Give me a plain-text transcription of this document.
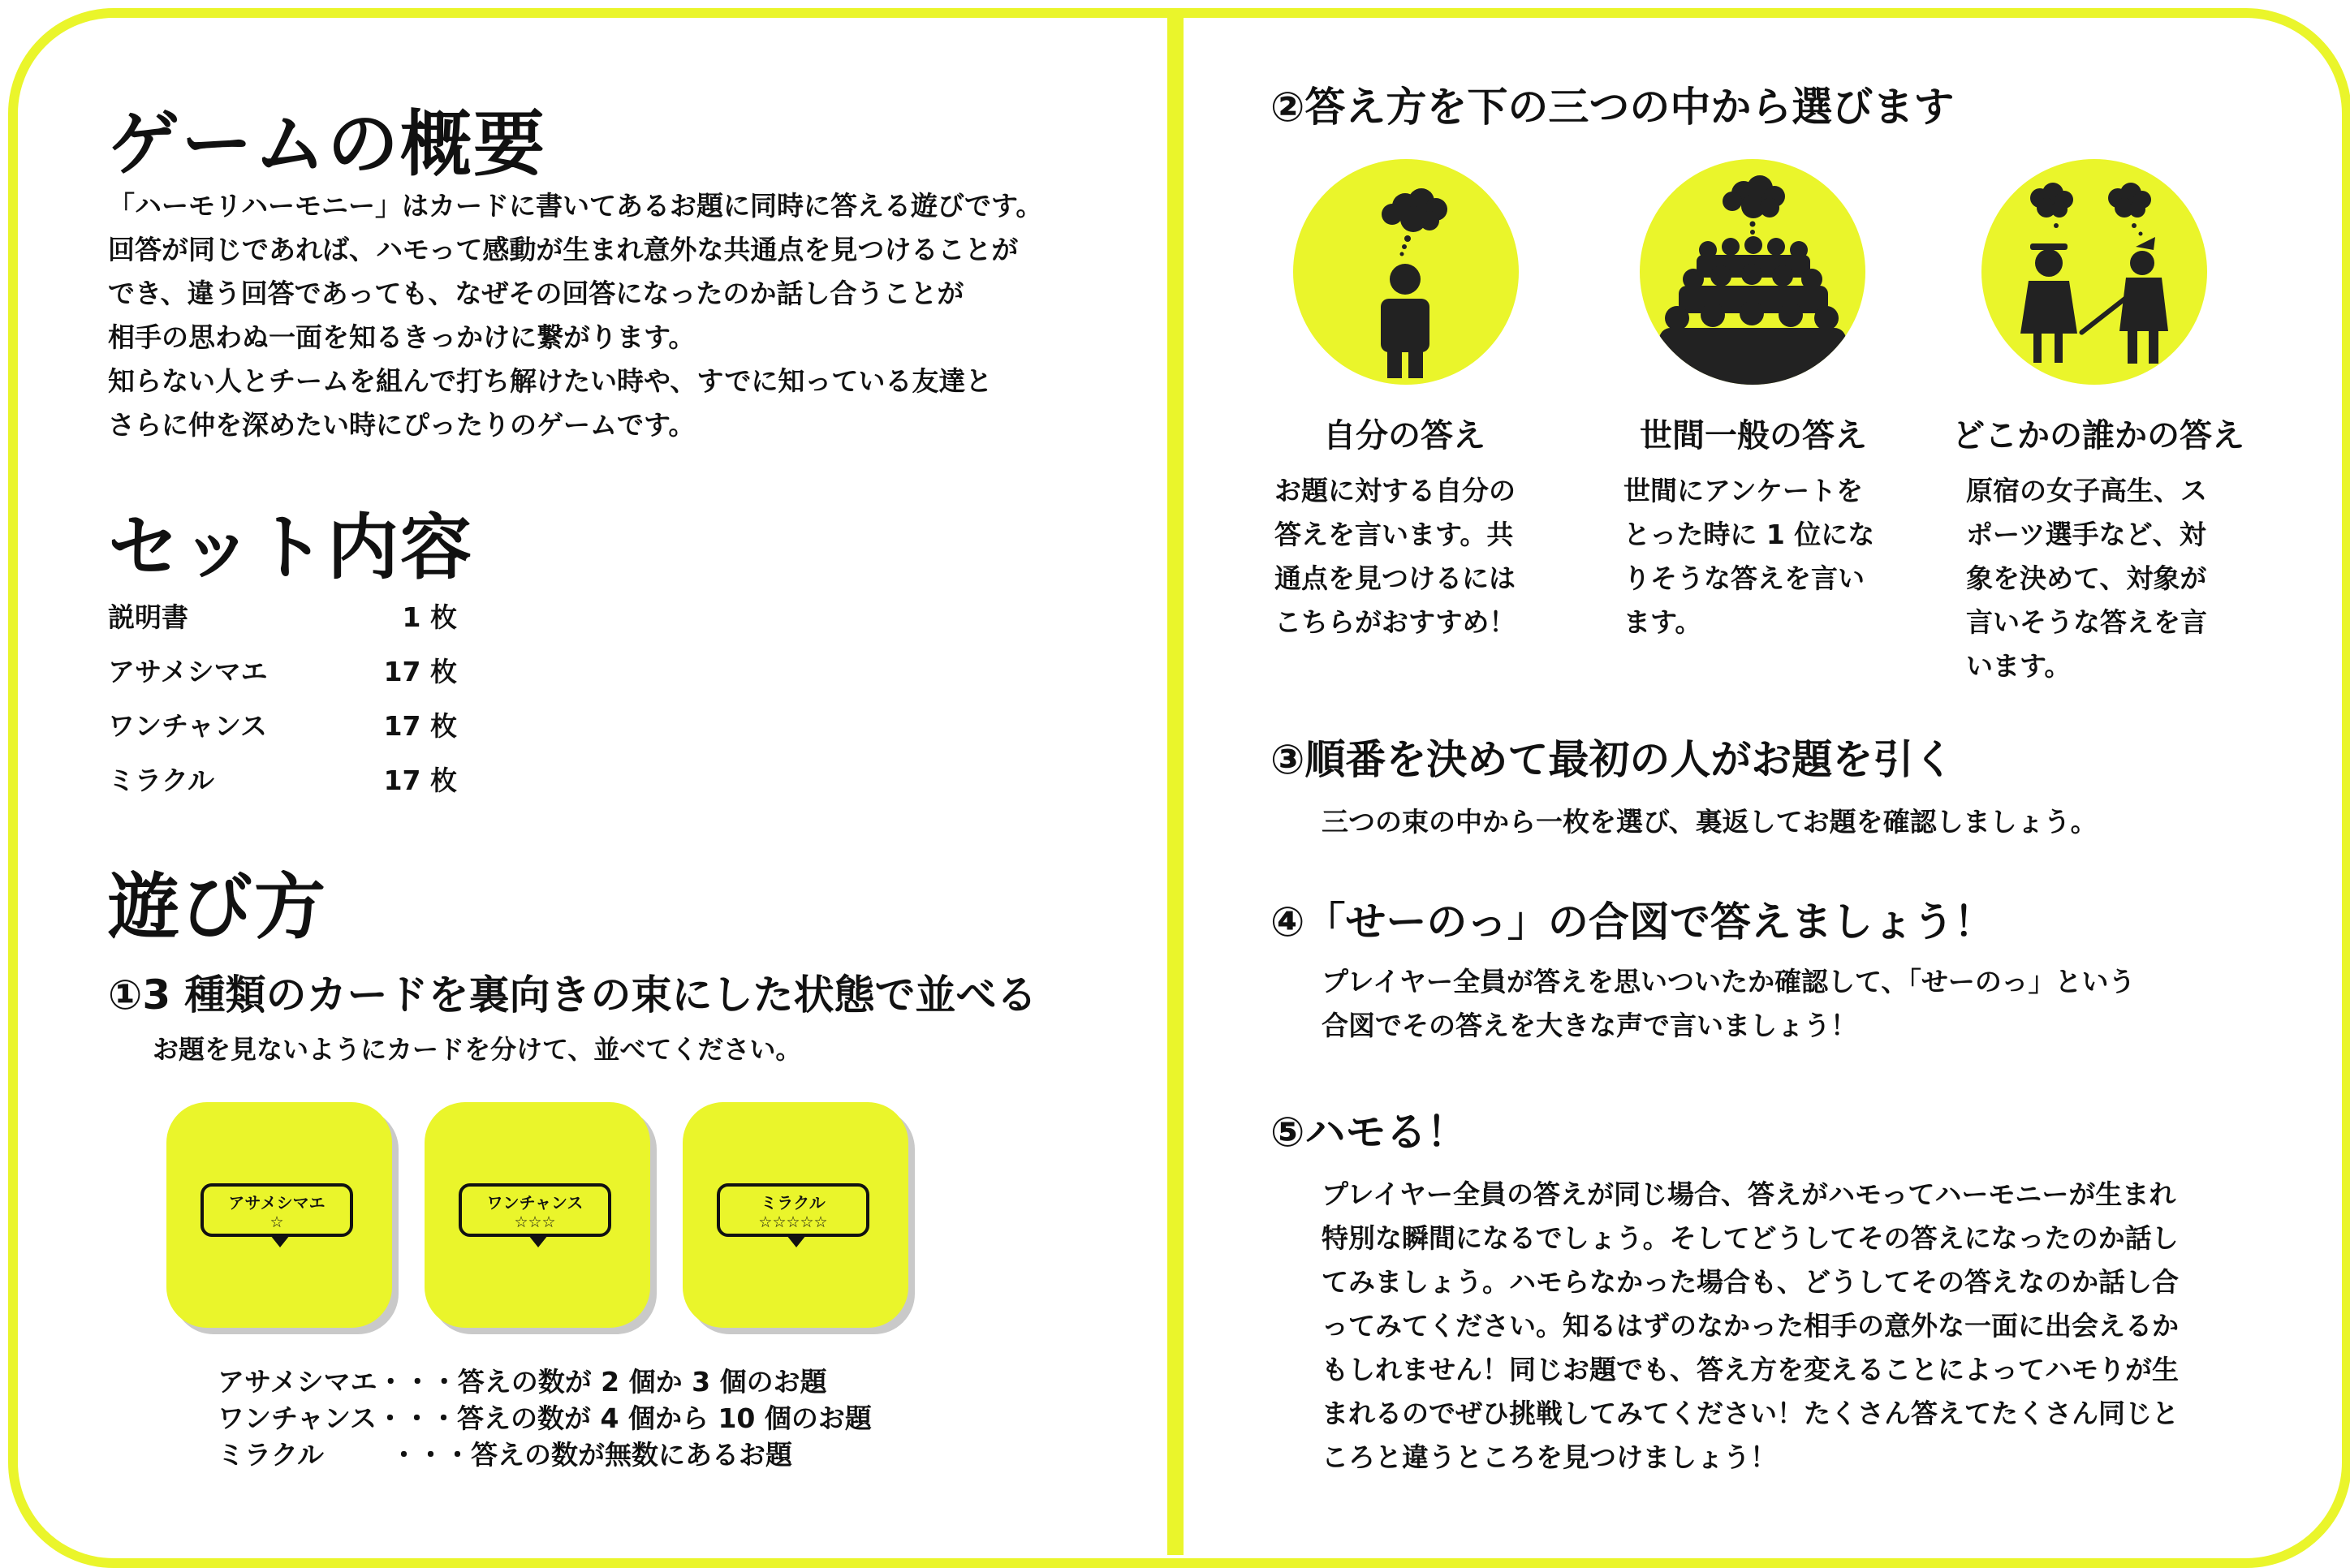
ゲームの概要
「ハーモリハーモニー」はカードに書いてあるお題に同時に答える遊びです。
回答が同じであれば、ハモって感動が生まれ意外な共通点を見つけることが
でき、違う回答であっても、なぜその回答になったのか話し合うことが
相手の思わぬ一面を知るきっかけに繋がります。
知らない人とチームを組んで打ち解けたい時や、すでに知っている友達と
さらに仲を深めたい時にぴったりのゲームです。
セット内容
説明書	1 枚
アサメシマエ	17 枚
ワンチャンス	17 枚
ミラクル	17 枚
遊び方
①3 種類のカードを裏向きの束にした状態で並べる
お題を見ないようにカードを分けて、並べてください。
アサメシマエ
☆
ワンチャンス
☆☆☆
ミラクル
☆☆☆☆☆
アサメシマエ・・・答えの数が 2 個か 3 個のお題
ワンチャンス・・・答えの数が 4 個から 10 個のお題
ミラクル ・・・答えの数が無数にあるお題
②答え方を下の三つの中から選びます
自分の答え	世間一般の答え	どこかの誰かの答え
お題に対する自分の
答えを言います。共
通点を見つけるには
こちらがおすすめ！
世間にアンケートを
とった時に 1 位にな
りそうな答えを言い
ます。
原宿の女子高生、ス
ポーツ選手など、対
象を決めて、対象が
言いそうな答えを言
います。
③順番を決めて最初の人がお題を引く
三つの束の中から一枚を選び、裏返してお題を確認しましょう。
④「せーのっ」の合図で答えましょう！
プレイヤー全員が答えを思いついたか確認して、「せーのっ」という
合図でその答えを大きな声で言いましょう！
⑤ハモる！
プレイヤー全員の答えが同じ場合、答えがハモってハーモニーが生まれ
特別な瞬間になるでしょう。そしてどうしてその答えになったのか話し
てみましょう。ハモらなかった場合も、どうしてその答えなのか話し合
ってみてください。知るはずのなかった相手の意外な一面に出会えるか
もしれません！同じお題でも、答え方を変えることによってハモりが生
まれるのでぜひ挑戦してみてください！たくさん答えてたくさん同じと
ころと違うところを見つけましょう！
